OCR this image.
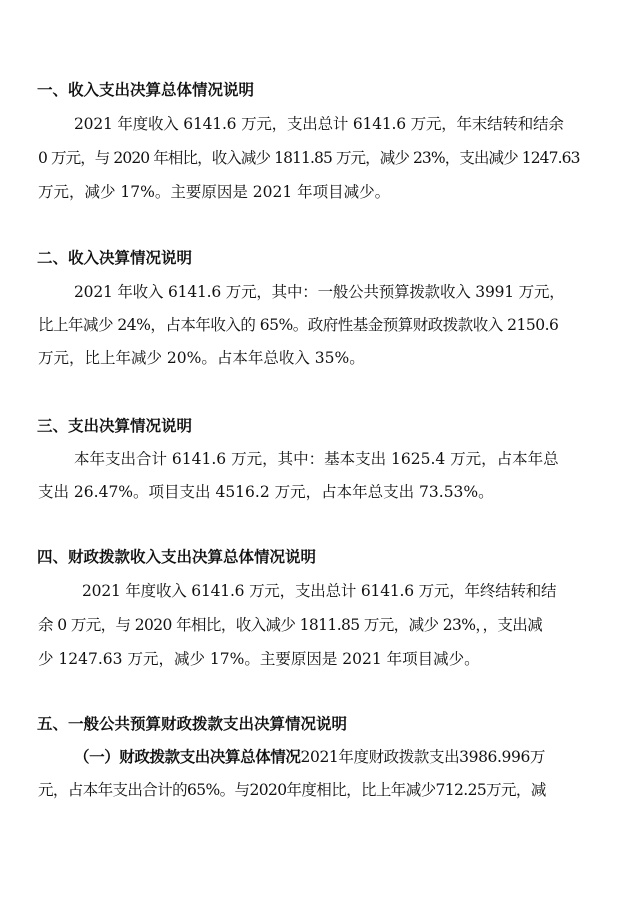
一、收入支出决算总体情况说明
2021 年度收入 6141.6 万元，支出总计 6141.6 万元，年末结转和结余
0 万元，与 2020 年相比，收入减少 1811.85 万元，减少 23%，支出减少 1247.63
万元，减少 17%。主要原因是 2021 年项目减少。
二、收入决算情况说明
2021 年收入 6141.6 万元，其中：一般公共预算拨款收入 3991 万元，
比上年减少 24%，占本年收入的 65%。政府性基金预算财政拨款收入 2150.6
万元，比上年减少 20%。占本年总收入 35%。
三、支出决算情况说明
本年支出合计 6141.6 万元，其中：基本支出 1625.4 万元，占本年总
支出 26.47%。项目支出 4516.2 万元，占本年总支出 73.53%。
四、财政拨款收入支出决算总体情况说明
2021 年度收入 6141.6 万元，支出总计 6141.6 万元，年终结转和结
余 0 万元，与 2020 年相比，收入减少 1811.85 万元，减少 23%，，支出减
少 1247.63 万元，减少 17%。主要原因是 2021 年项目减少。
五、一般公共预算财政拨款支出决算情况说明
（一）财政拨款支出决算总体情况2021年度财政拨款支出3986.996万
元，占本年支出合计的65%。与2020年度相比，比上年减少712.25万元，减
